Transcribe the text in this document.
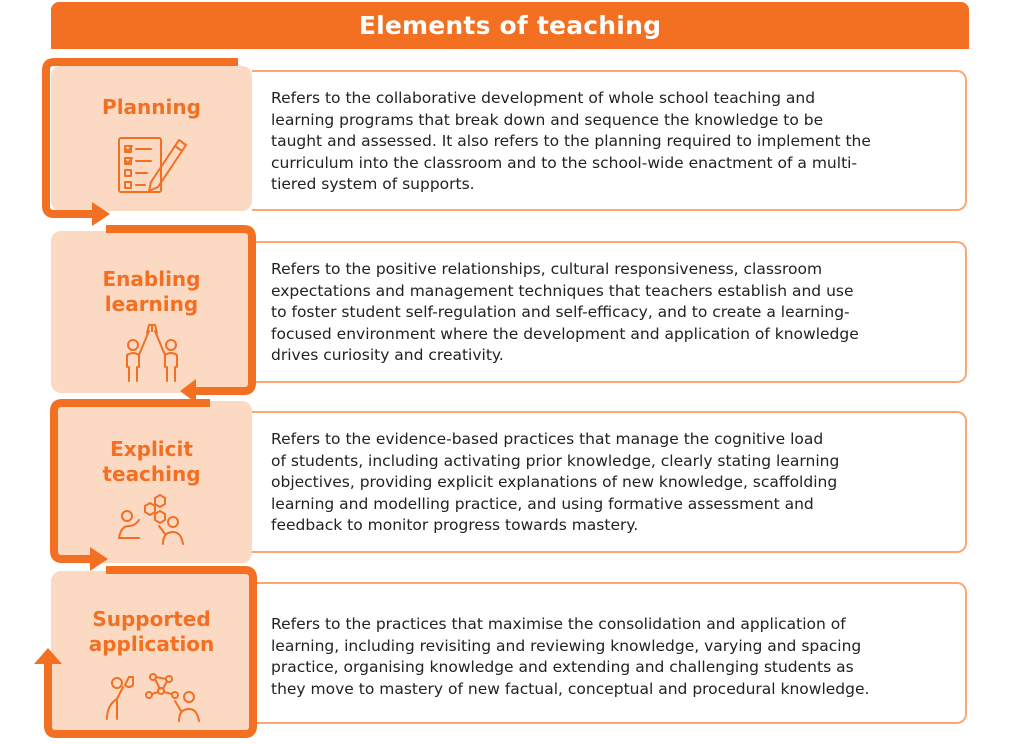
Elements of teaching
Planning	Refers to the collaborative development of whole school teaching and
learning programs that break down and sequence the knowledge to be
taught and assessed. It also refers to the planning required to implement the
curriculum into the classroom and to the school-wide enactment of a multi-
tiered system of supports.
Enabling
learning
Refers to the positive relationships, cultural responsiveness, classroom
expectations and management techniques that teachers establish and use
to foster student self-regulation and self-efficacy, and to create a learning-
focused environment where the development and application of knowledge
drives curiosity and creativity.
Explicit
teaching
Refers to the evidence-based practices that manage the cognitive load
of students, including activating prior knowledge, clearly stating learning
objectives, providing explicit explanations of new knowledge, scaffolding
learning and modelling practice, and using formative assessment and
feedback to monitor progress towards mastery.
Supported
application
Refers to the practices that maximise the consolidation and application of
learning, including revisiting and reviewing knowledge, varying and spacing
practice, organising knowledge and extending and challenging students as
they move to mastery of new factual, conceptual and procedural knowledge.
